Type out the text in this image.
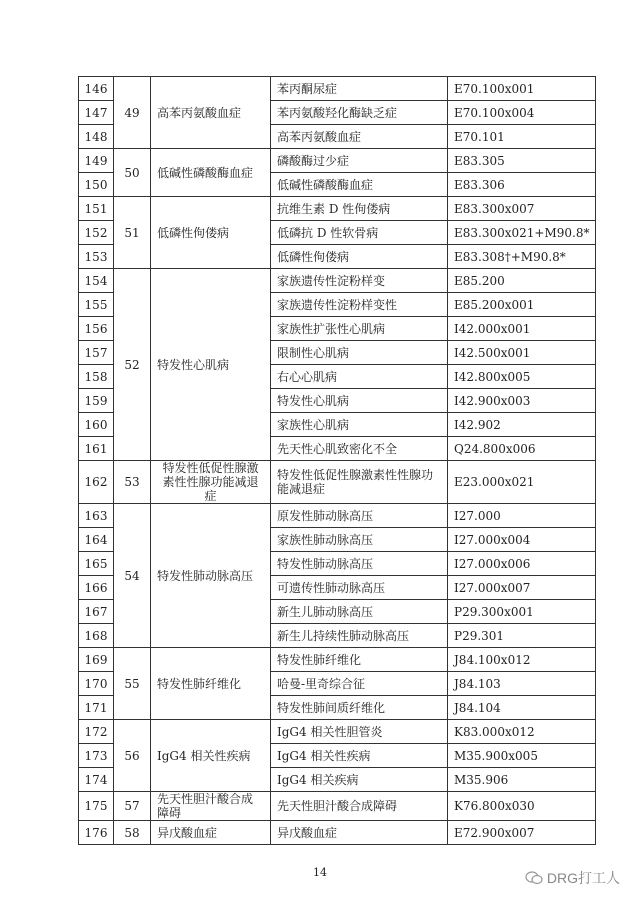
146	49	高苯丙氨酸血症	苯丙酮尿症	E70.100x001
147			苯丙氨酸羟化酶缺乏症	E70.100x004
148			高苯丙氨酸血症	E70.101
149	50	低碱性磷酸酶血症	磷酸酶过少症	E83.305
150			低碱性磷酸酶血症	E83.306
151	51	低磷性佝偻病	抗维生素 D 性佝偻病	E83.300x007
152			低磷抗 D 性软骨病	E83.300x021+M90.8*
153			低磷性佝偻病	E83.308†+M90.8*
154	52	特发性心肌病	家族遗传性淀粉样变	E85.200
155			家族遗传性淀粉样变性	E85.200x001
156			家族性扩张性心肌病	I42.000x001
157			限制性心肌病	I42.500x001
158			右心心肌病	I42.800x005
159			特发性心肌病	I42.900x003
160			家族性心肌病	I42.902
161			先天性心肌致密化不全	Q24.800x006
162	53	特发性低促性腺激素性性腺功能减退症	特发性低促性腺激素性性腺功能减退症	E23.000x021
163	54	特发性肺动脉高压	原发性肺动脉高压	I27.000
164			家族性肺动脉高压	I27.000x004
165			特发性肺动脉高压	I27.000x006
166			可遗传性肺动脉高压	I27.000x007
167			新生儿肺动脉高压	P29.300x001
168			新生儿持续性肺动脉高压	P29.301
169	55	特发性肺纤维化	特发性肺纤维化	J84.100x012
170			哈曼-里奇综合征	J84.103
171			特发性肺间质纤维化	J84.104
172	56	IgG4 相关性疾病	IgG4 相关性胆管炎	K83.000x012
173			IgG4 相关性疾病	M35.900x005
174			IgG4 相关疾病	M35.906
175	57	先天性胆汁酸合成障碍	先天性胆汁酸合成障碍	K76.800x030
176	58	异戊酸血症	异戊酸血症	E72.900x007
14	DRG打工人
